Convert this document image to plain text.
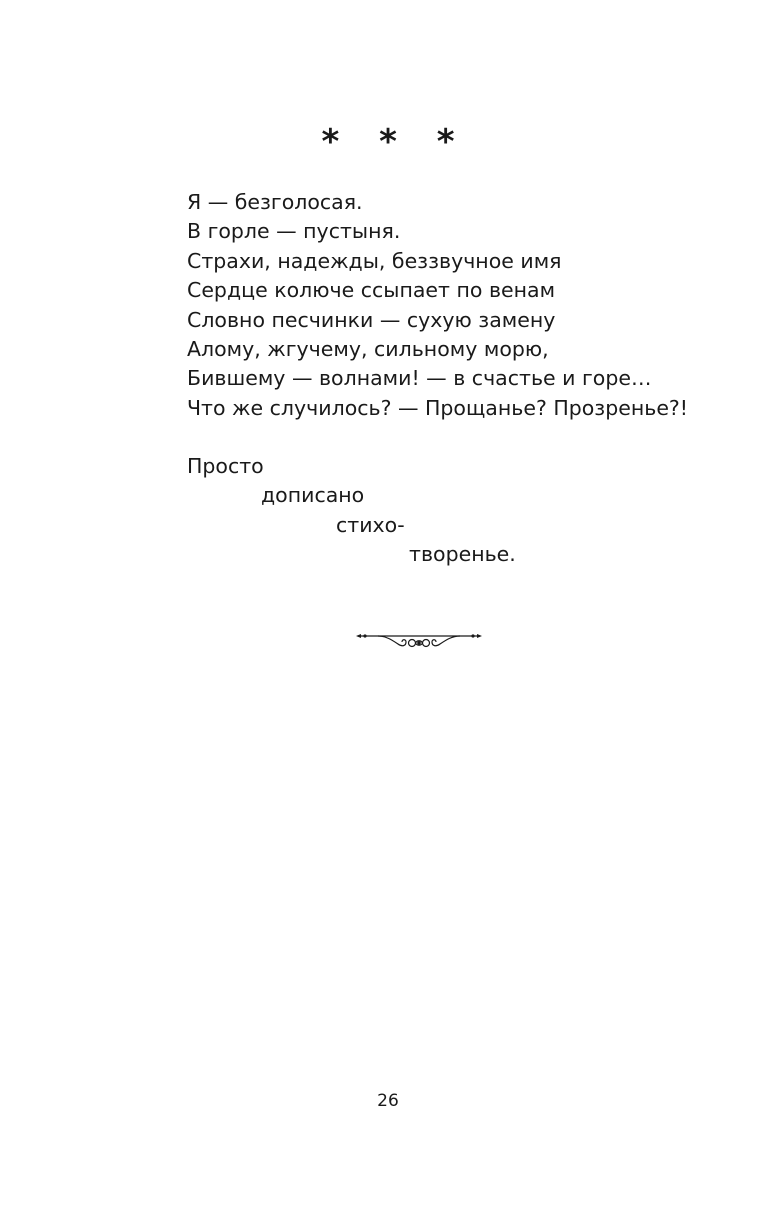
* * *
Я — безголосая.
В горле — пустыня.
Страхи, надежды, беззвучное имя
Сердце колюче ссыпает по венам
Словно песчинки — сухую замену
Алому, жгучему, сильному морю,
Бившему — волнами! — в счастье и горе…
Что же случилось? — Прощанье? Прозренье?!
Просто
дописано
стихо-
творенье.
26
